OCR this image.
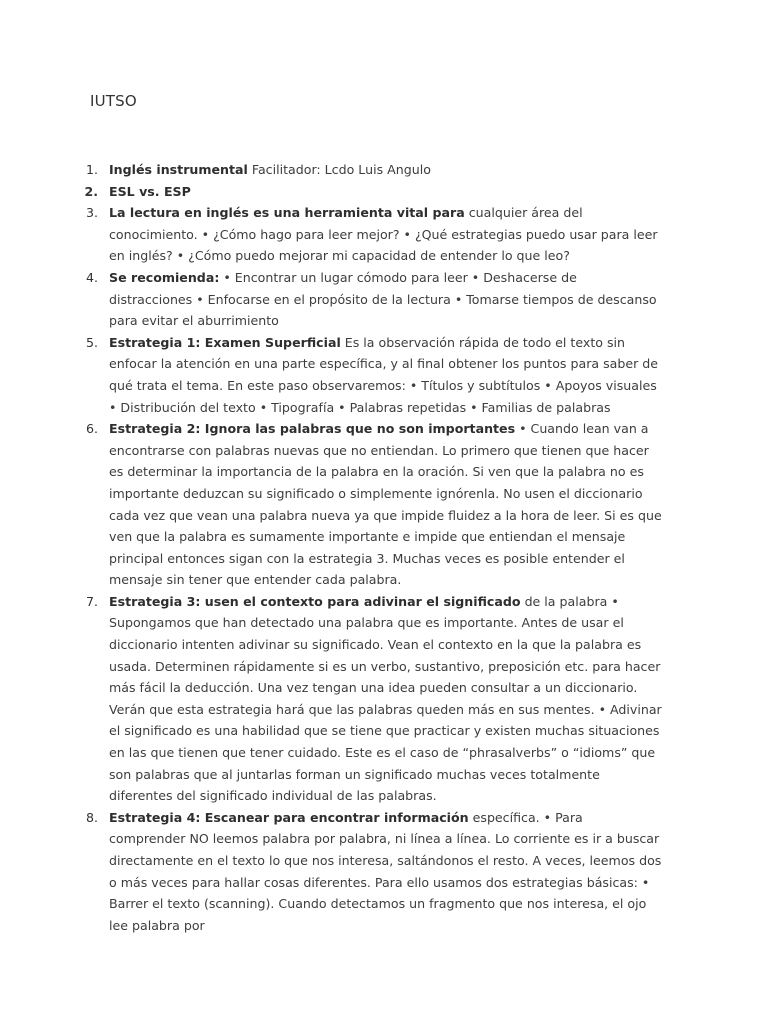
IUTSO
1. Inglés instrumental Facilitador: Lcdo Luis Angulo
2. ESL vs. ESP
3. La lectura en inglés es una herramienta vital para cualquier área del conocimiento. • ¿Cómo hago para leer mejor? • ¿Qué estrategias puedo usar para leer en inglés? • ¿Cómo puedo mejorar mi capacidad de entender lo que leo?
4. Se recomienda: • Encontrar un lugar cómodo para leer • Deshacerse de distracciones • Enfocarse en el propósito de la lectura • Tomarse tiempos de descanso para evitar el aburrimiento
5. Estrategia 1: Examen Superficial Es la observación rápida de todo el texto sin enfocar la atención en una parte específica, y al final obtener los puntos para saber de qué trata el tema. En este paso observaremos: • Títulos y subtítulos • Apoyos visuales • Distribución del texto • Tipografía • Palabras repetidas • Familias de palabras
6. Estrategia 2: Ignora las palabras que no son importantes • Cuando lean van a encontrarse con palabras nuevas que no entiendan. Lo primero que tienen que hacer es determinar la importancia de la palabra en la oración. Si ven que la palabra no es importante deduzcan su significado o simplemente ignórenla. No usen el diccionario cada vez que vean una palabra nueva ya que impide fluidez a la hora de leer. Si es que ven que la palabra es sumamente importante e impide que entiendan el mensaje principal entonces sigan con la estrategia 3. Muchas veces es posible entender el mensaje sin tener que entender cada palabra.
7. Estrategia 3: usen el contexto para adivinar el significado de la palabra • Supongamos que han detectado una palabra que es importante. Antes de usar el diccionario intenten adivinar su significado. Vean el contexto en la que la palabra es usada. Determinen rápidamente si es un verbo, sustantivo, preposición etc. para hacer más fácil la deducción. Una vez tengan una idea pueden consultar a un diccionario. Verán que esta estrategia hará que las palabras queden más en sus mentes. • Adivinar el significado es una habilidad que se tiene que practicar y existen muchas situaciones en las que tienen que tener cuidado. Este es el caso de “phrasalverbs” o “idioms” que son palabras que al juntarlas forman un significado muchas veces totalmente diferentes del significado individual de las palabras.
8. Estrategia 4: Escanear para encontrar información específica. • Para comprender NO leemos palabra por palabra, ni línea a línea. Lo corriente es ir a buscar directamente en el texto lo que nos interesa, saltándonos el resto. A veces, leemos dos o más veces para hallar cosas diferentes. Para ello usamos dos estrategias básicas: • Barrer el texto (scanning). Cuando detectamos un fragmento que nos interesa, el ojo lee palabra por
